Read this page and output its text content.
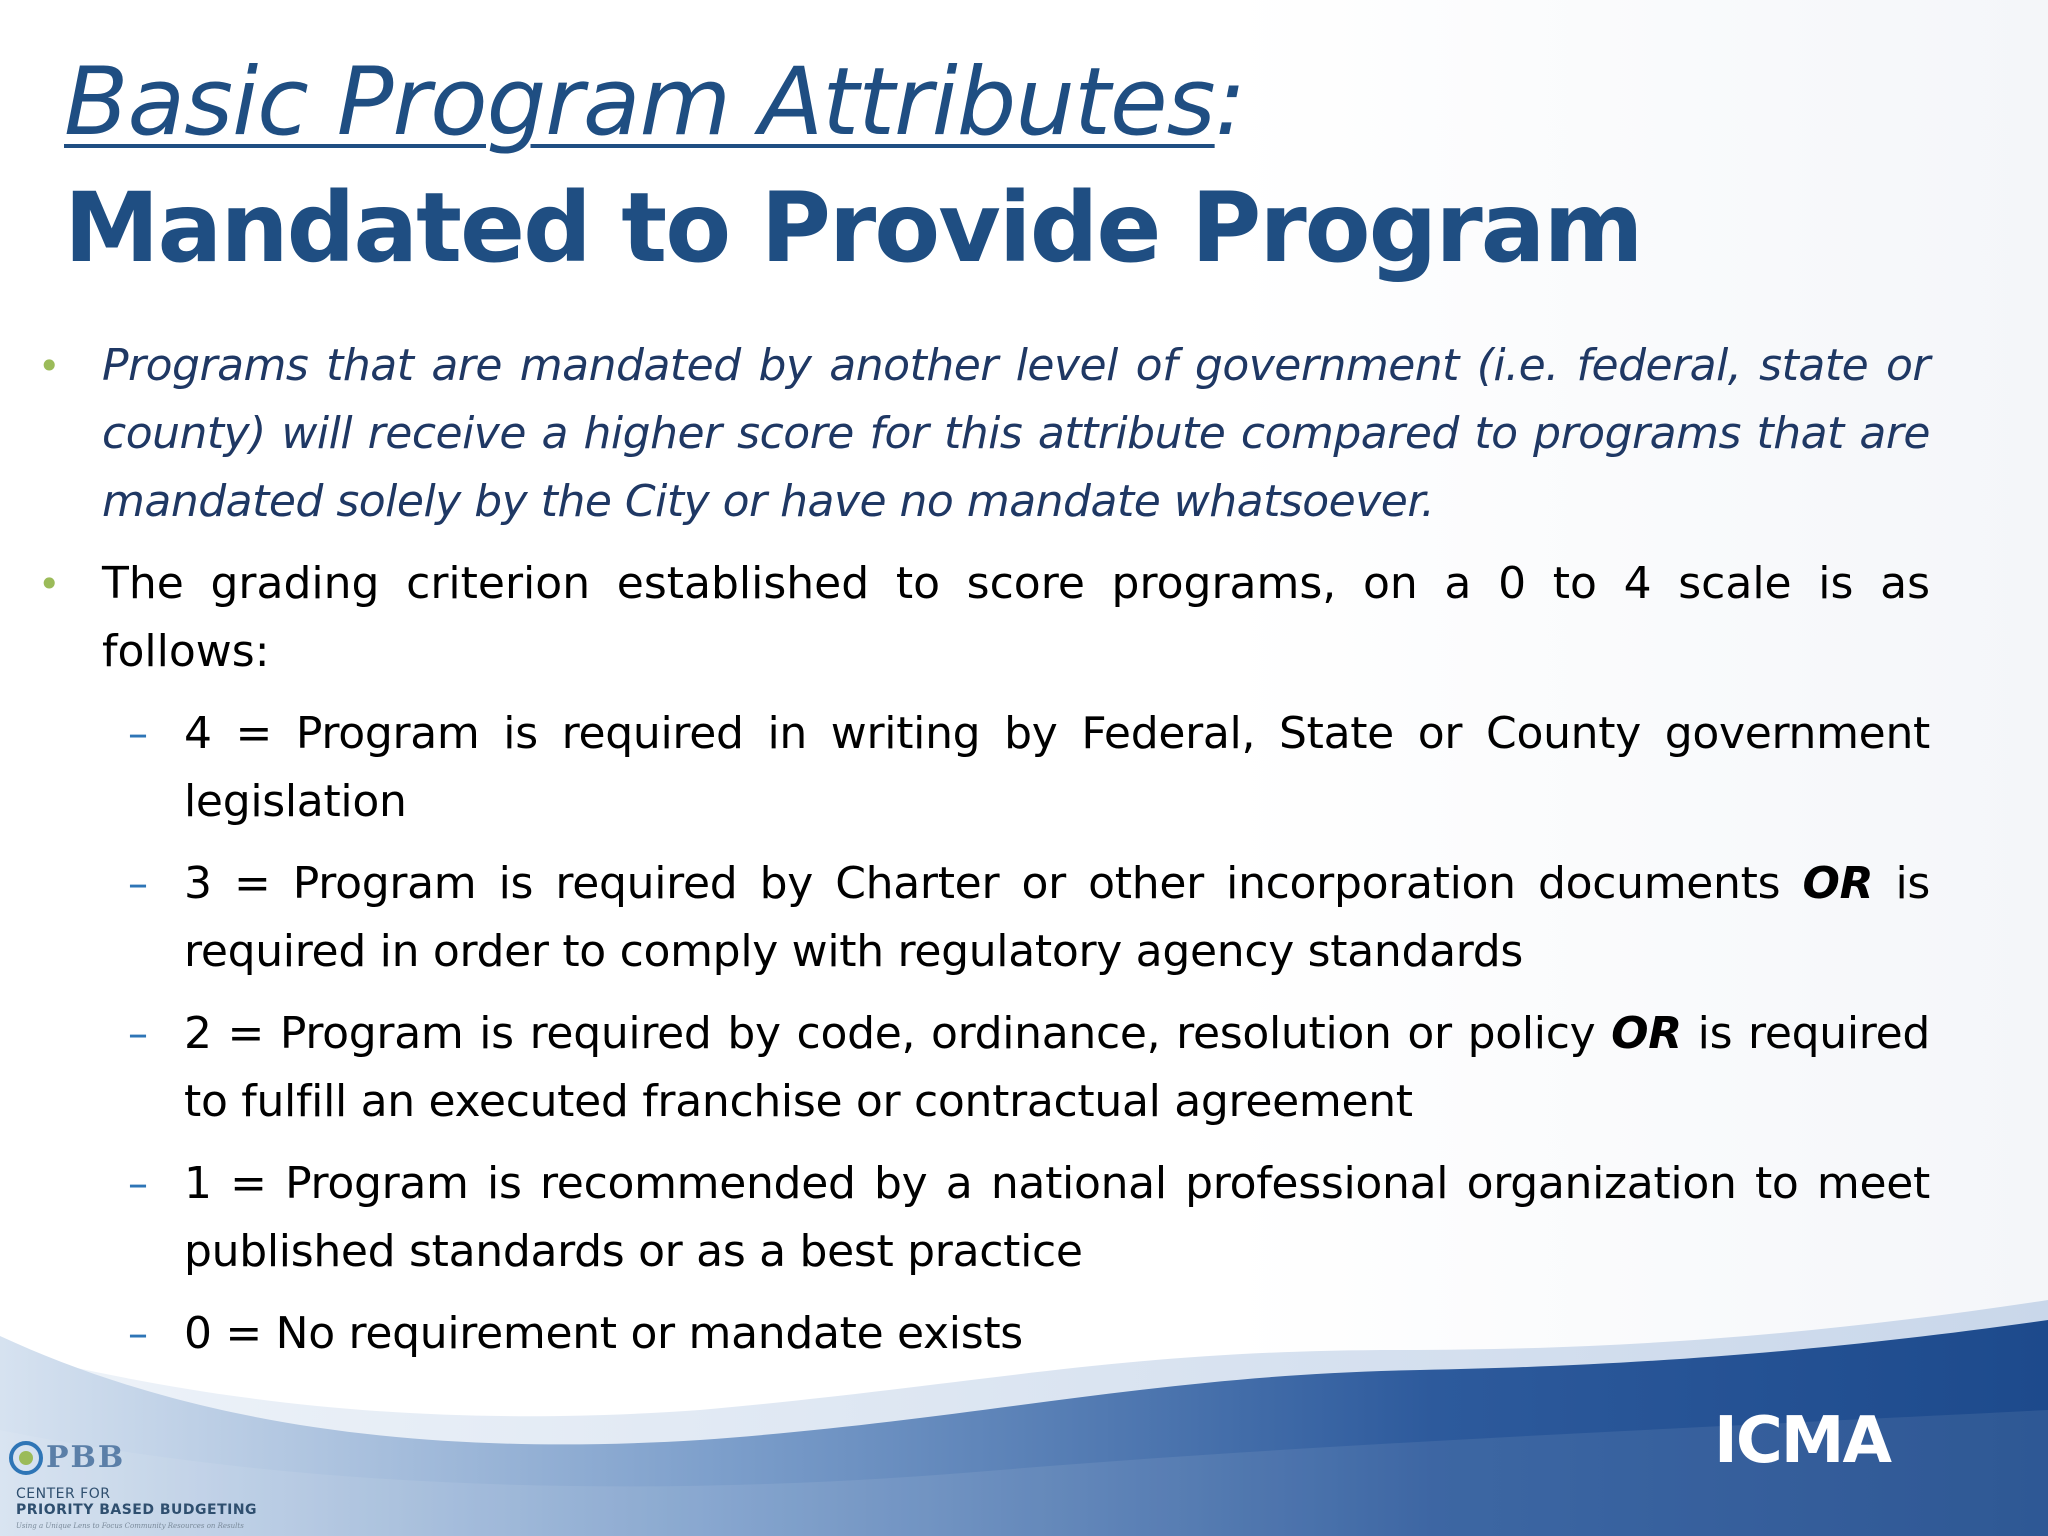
Basic Program Attributes:
Mandated to Provide Program
• Programs that are mandated by another level of government (i.e. federal, state or county) will receive a higher score for this attribute compared to programs that are mandated solely by the City or have no mandate whatsoever.
• The grading criterion established to score programs, on a 0 to 4 scale is as follows:
– 4 = Program is required in writing by Federal, State or County government legislation
– 3 = Program is required by Charter or other incorporation documents OR is required in order to comply with regulatory agency standards
– 2 = Program is required by code, ordinance, resolution or policy OR is required to fulfill an executed franchise or contractual agreement
– 1 = Program is recommended by a national professional organization to meet published standards or as a best practice
– 0 = No requirement or mandate exists
ICMA
PBB
CENTER FOR
PRIORITY BASED BUDGETING
Using a Unique Lens to Focus Community Resources on Results
